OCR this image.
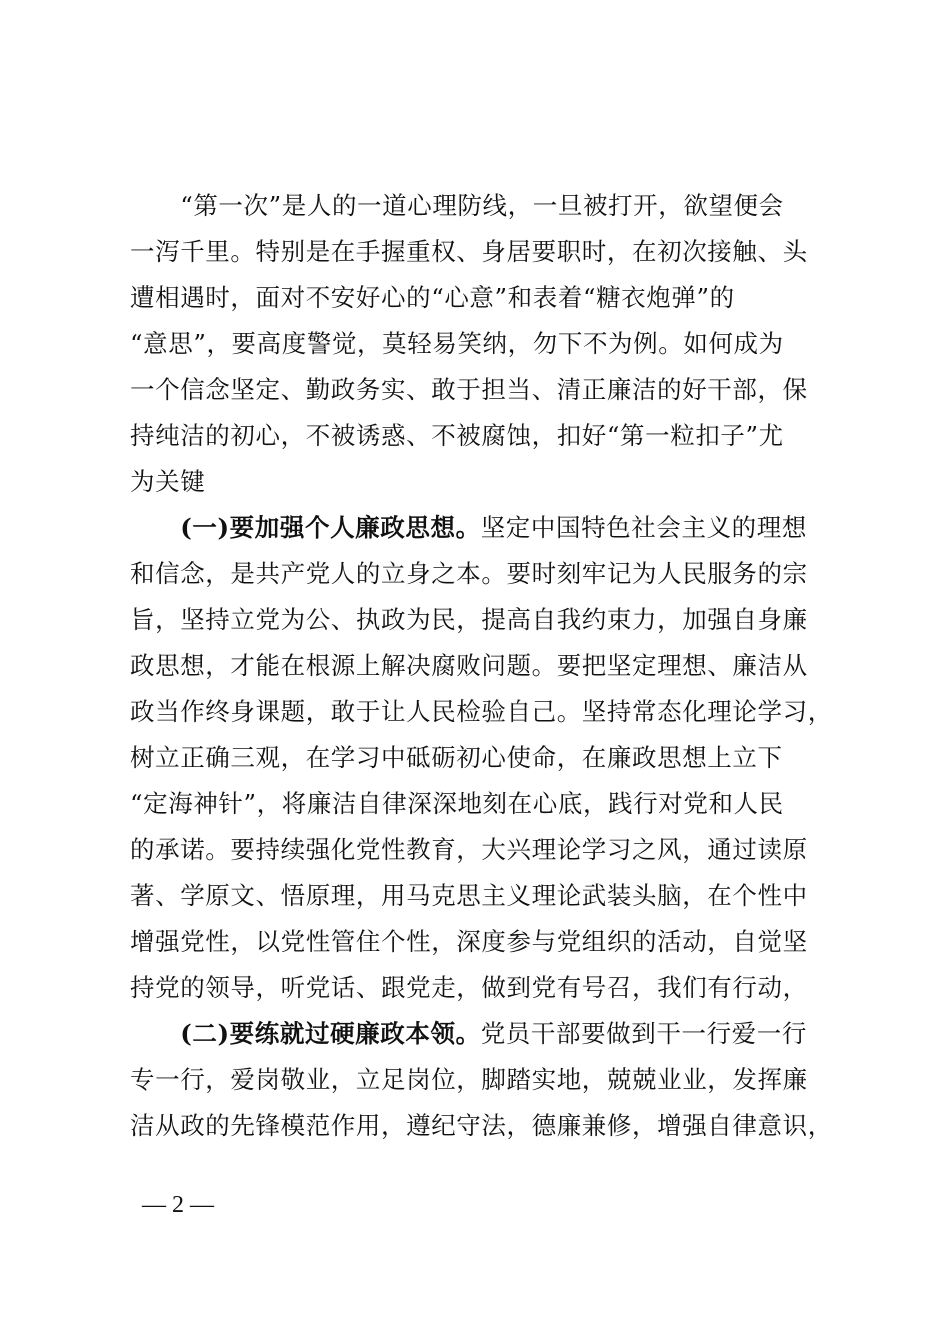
　　“第一次”是人的一道心理防线，一旦被打开，欲望便会
一泻千里。特别是在手握重权、身居要职时，在初次接触、头
遭相遇时，面对不安好心的“心意”和表着“糖衣炮弹”的
“意思”，要高度警觉，莫轻易笑纳，勿下不为例。如何成为
一个信念坚定、勤政务实、敢于担当、清正廉洁的好干部，保
持纯洁的初心，不被诱惑、不被腐蚀，扣好“第一粒扣子”尤
为关键
　　(一)要加强个人廉政思想。坚定中国特色社会主义的理想
和信念，是共产党人的立身之本。要时刻牢记为人民服务的宗
旨，坚持立党为公、执政为民，提高自我约束力，加强自身廉
政思想，才能在根源上解决腐败问题。要把坚定理想、廉洁从
政当作终身课题，敢于让人民检验自己。坚持常态化理论学习，
树立正确三观，在学习中砥砺初心使命，在廉政思想上立下
“定海神针”，将廉洁自律深深地刻在心底，践行对党和人民
的承诺。要持续强化党性教育，大兴理论学习之风，通过读原
著、学原文、悟原理，用马克思主义理论武装头脑，在个性中
增强党性，以党性管住个性，深度参与党组织的活动，自觉坚
持党的领导，听党话、跟党走，做到党有号召，我们有行动，
　　(二)要练就过硬廉政本领。党员干部要做到干一行爱一行
专一行，爱岗敬业，立足岗位，脚踏实地，兢兢业业，发挥廉
洁从政的先锋模范作用，遵纪守法，德廉兼修，增强自律意识，
— 2 —
